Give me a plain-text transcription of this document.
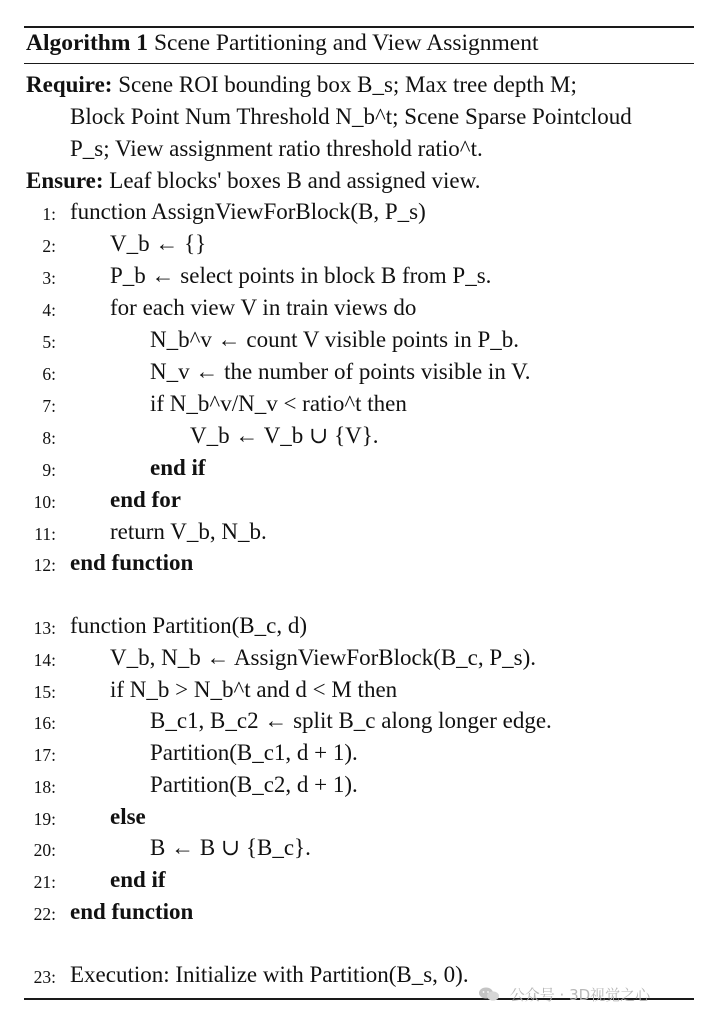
Algorithm 1 Scene Partitioning and View Assignment
Require: Scene ROI bounding box B_s; Max tree depth M;
Block Point Num Threshold N_b^t; Scene Sparse Pointcloud
P_s; View assignment ratio threshold ratio^t.
Ensure: Leaf blocks' boxes B and assigned view.
1: function AssignViewForBlock(B, P_s)
2: V_b ← {}
3: P_b ← select points in block B from P_s.
4: for each view V in train views do
5:	N_b^v ← count V visible points in P_b.
6:	N_v ← the number of points visible in V.
7:	if N_b^v/N_v < ratio^t then
8:	V_b ← V_b ∪ {V}.
9:	end if
10: end for
11: return V_b, N_b.
12: end function
13: function Partition(B_c, d)
14: V_b, N_b ← AssignViewForBlock(B_c, P_s).
15: if N_b > N_b^t and d < M then
16:	B_c1, B_c2 ← split B_c along longer edge.
17:	Partition(B_c1, d + 1).
18:	Partition(B_c2, d + 1).
19: else
20:	B ← B ∪ {B_c}.
21: end if
22: end function
23: Execution: Initialize with Partition(B_s, 0).
公众号 · 3D视觉之心
